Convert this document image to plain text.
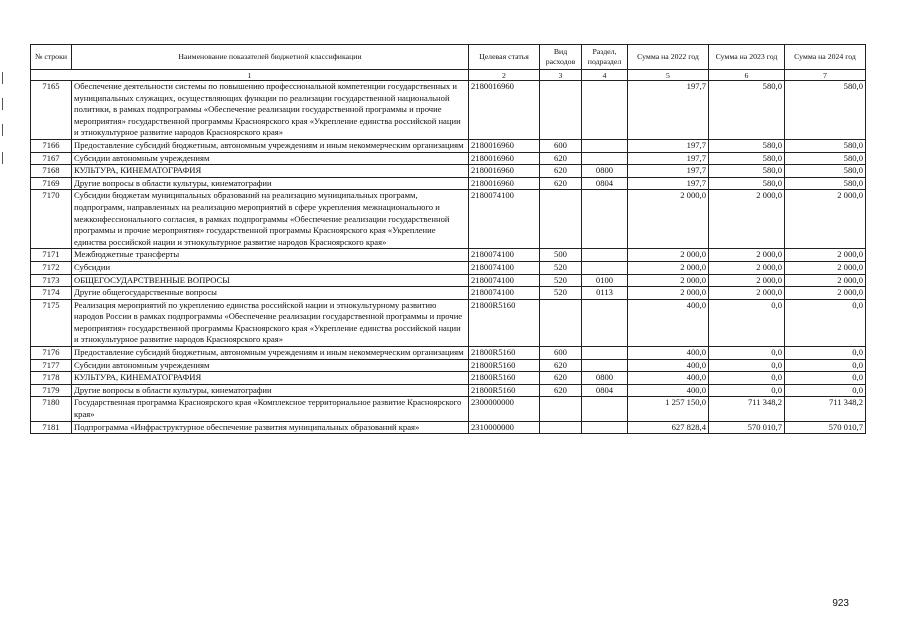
№ строки	Наименование показателей бюджетной классификации	Целевая статья	Вид расходов	Раздел, подраздел	Сумма на 2022 год	Сумма на 2023 год	Сумма на 2024 год
1		2	3	4	5	6	7
7165	Обеспечение деятельности системы по повышению профессиональной компетенции государственных и муниципальных служащих, осуществляющих функции по реализации государственной национальной политики, в рамках подпрограммы «Обеспечение реализации государственной программы и прочие мероприятия» государственной программы Красноярского края «Укрепление единства российской нации и этнокультурное развитие народов Красноярского края»	2180016960			197,7	580,0	580,0
7166	Предоставление субсидий бюджетным, автономным учреждениям и иным некоммерческим организациям	2180016960	600		197,7	580,0	580,0
7167	Субсидии автономным учреждениям	2180016960	620		197,7	580,0	580,0
7168	КУЛЬТУРА, КИНЕМАТОГРАФИЯ	2180016960	620	0800	197,7	580,0	580,0
7169	Другие вопросы в области культуры, кинематографии	2180016960	620	0804	197,7	580,0	580,0
7170	Субсидии бюджетам муниципальных образований на реализацию муниципальных программ, подпрограмм, направленных на реализацию мероприятий в сфере укрепления межнационального и межконфессионального согласия, в рамках подпрограммы «Обеспечение реализации государственной программы и прочие мероприятия» государственной программы Красноярского края «Укрепление единства российской нации и этнокультурное развитие народов Красноярского края»	2180074100			2 000,0	2 000,0	2 000,0
7171	Межбюджетные трансферты	2180074100	500		2 000,0	2 000,0	2 000,0
7172	Субсидии	2180074100	520		2 000,0	2 000,0	2 000,0
7173	ОБЩЕГОСУДАРСТВЕННЫЕ ВОПРОСЫ	2180074100	520	0100	2 000,0	2 000,0	2 000,0
7174	Другие общегосударственные вопросы	2180074100	520	0113	2 000,0	2 000,0	2 000,0
7175	Реализация мероприятий по укреплению единства российской нации и этнокультурному развитию народов России в рамках подпрограммы «Обеспечение реализации государственной программы и прочие мероприятия» государственной программы Красноярского края «Укрепление единства российской нации и этнокультурное развитие народов Красноярского края»	21800R5160			400,0	0,0	0,0
7176	Предоставление субсидий бюджетным, автономным учреждениям и иным некоммерческим организациям	21800R5160	600		400,0	0,0	0,0
7177	Субсидии автономным учреждениям	21800R5160	620		400,0	0,0	0,0
7178	КУЛЬТУРА, КИНЕМАТОГРАФИЯ	21800R5160	620	0800	400,0	0,0	0,0
7179	Другие вопросы в области культуры, кинематографии	21800R5160	620	0804	400,0	0,0	0,0
7180	Государственная программа Красноярского края «Комплексное территориальное развитие Красноярского края»	2300000000			1 257 150,0	711 348,2	711 348,2
7181	Подпрограмма «Инфраструктурное обеспечение развития муниципальных образований края»	2310000000			627 828,4	570 010,7	570 010,7
923
